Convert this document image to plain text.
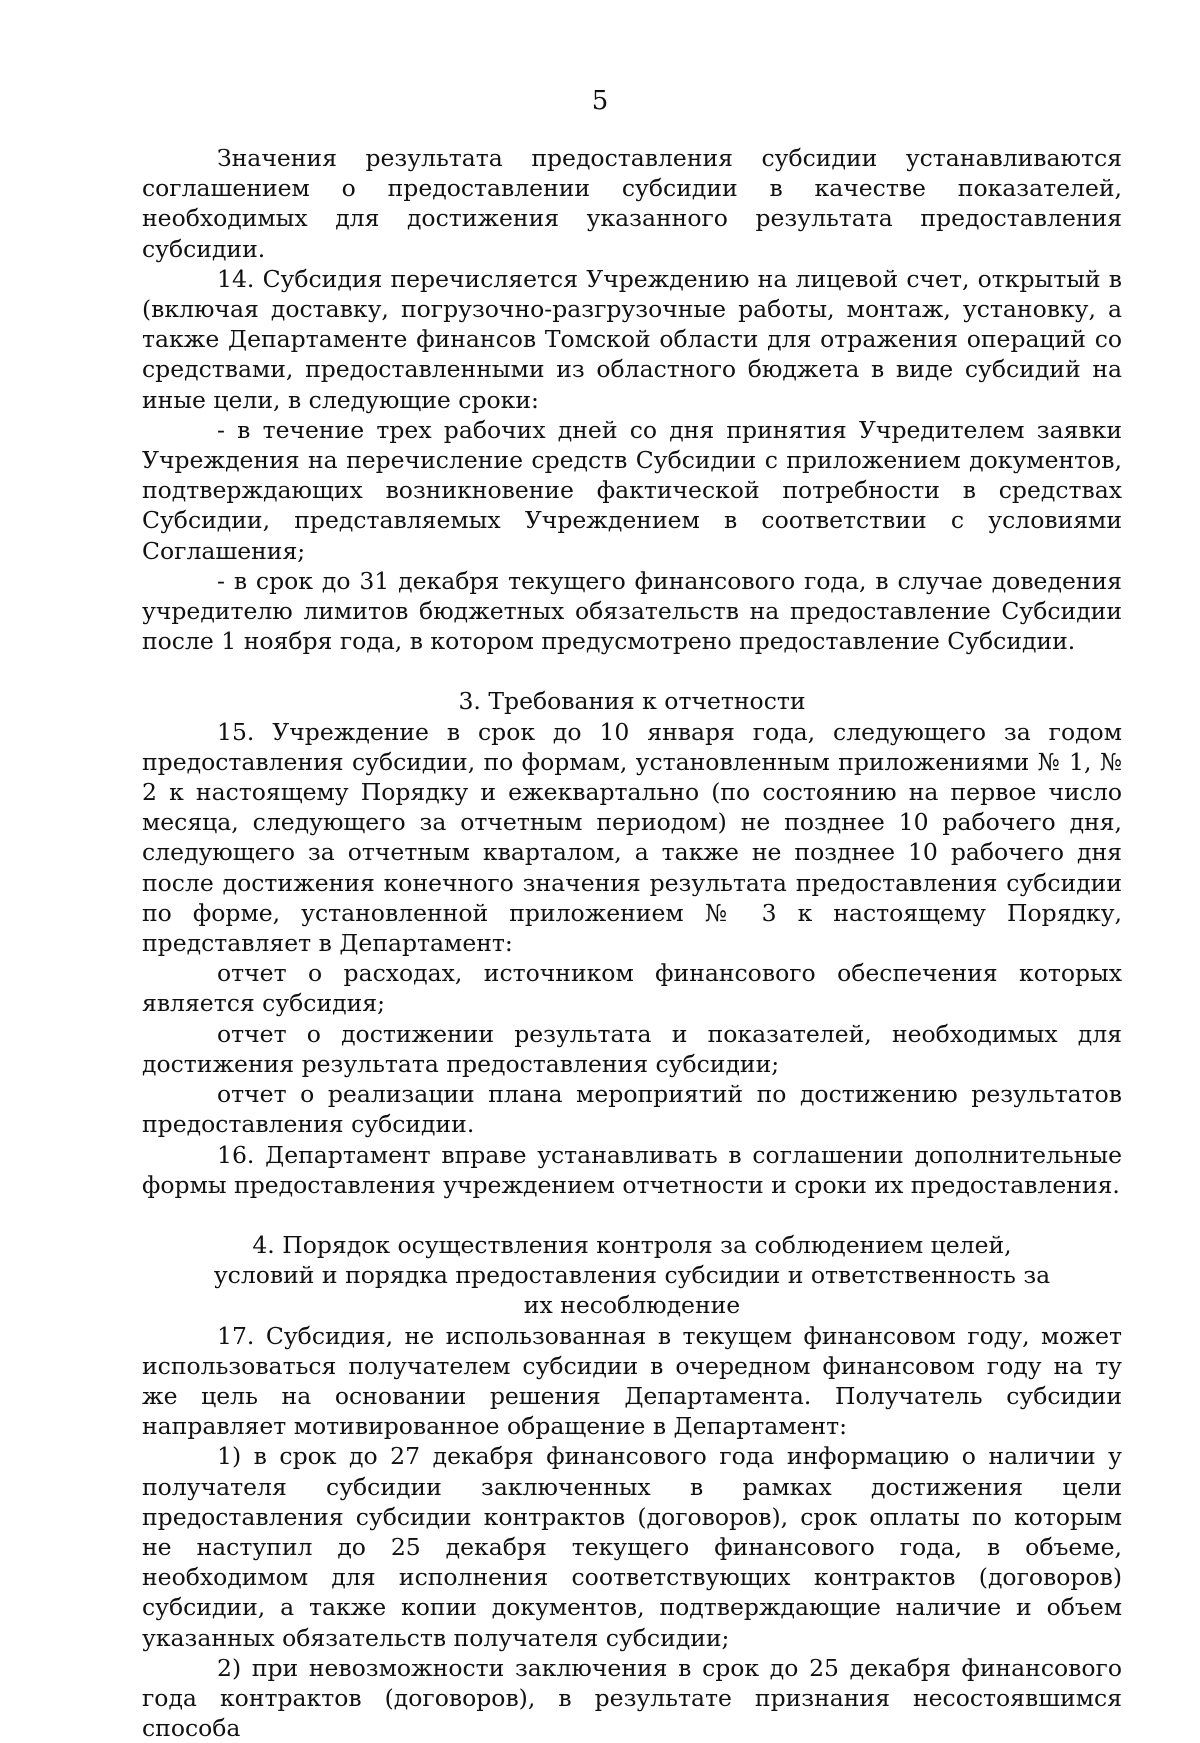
5

Значения результата предоставления субсидии устанавливаются соглашением о предоставлении субсидии в качестве показателей, необходимых для достижения указанного результата предоставления субсидии.

14. Субсидия перечисляется Учреждению на лицевой счет, открытый в (включая доставку, погрузочно-разгрузочные работы, монтаж, установку, а также Департаменте финансов Томской области для отражения операций со средствами, предоставленными из областного бюджета в виде субсидий на иные цели, в следующие сроки:

- в течение трех рабочих дней со дня принятия Учредителем заявки Учреждения на перечисление средств Субсидии с приложением документов, подтверждающих возникновение фактической потребности в средствах Субсидии, представляемых Учреждением в соответствии с условиями Соглашения;

- в срок до 31 декабря текущего финансового года, в случае доведения учредителю лимитов бюджетных обязательств на предоставление Субсидии после 1 ноября года, в котором предусмотрено предоставление Субсидии.

3. Требования к отчетности

15. Учреждение в срок до 10 января года, следующего за годом предоставления субсидии, по формам, установленным приложениями № 1, № 2 к настоящему Порядку и ежеквартально (по состоянию на первое число месяца, следующего за отчетным периодом) не позднее 10 рабочего дня, следующего за отчетным кварталом, а также не позднее 10 рабочего дня после достижения конечного значения результата предоставления субсидии по форме, установленной приложением № 3 к настоящему Порядку, представляет в Департамент:

отчет о расходах, источником финансового обеспечения которых является субсидия;

отчет о достижении результата и показателей, необходимых для достижения результата предоставления субсидии;

отчет о реализации плана мероприятий по достижению результатов предоставления субсидии.

16. Департамент вправе устанавливать в соглашении дополнительные формы предоставления учреждением отчетности и сроки их предоставления.

4. Порядок осуществления контроля за соблюдением целей, условий и порядка предоставления субсидии и ответственность за их несоблюдение

17. Субсидия, не использованная в текущем финансовом году, может использоваться получателем субсидии в очередном финансовом году на ту же цель на основании решения Департамента. Получатель субсидии направляет мотивированное обращение в Департамент:

1) в срок до 27 декабря финансового года информацию о наличии у получателя субсидии заключенных в рамках достижения цели предоставления субсидии контрактов (договоров), срок оплаты по которым не наступил до 25 декабря текущего финансового года, в объеме, необходимом для исполнения соответствующих контрактов (договоров) субсидии, а также копии документов, подтверждающие наличие и объем указанных обязательств получателя субсидии;

2) при невозможности заключения в срок до 25 декабря финансового года контрактов (договоров), в результате признания несостоявшимся способа
